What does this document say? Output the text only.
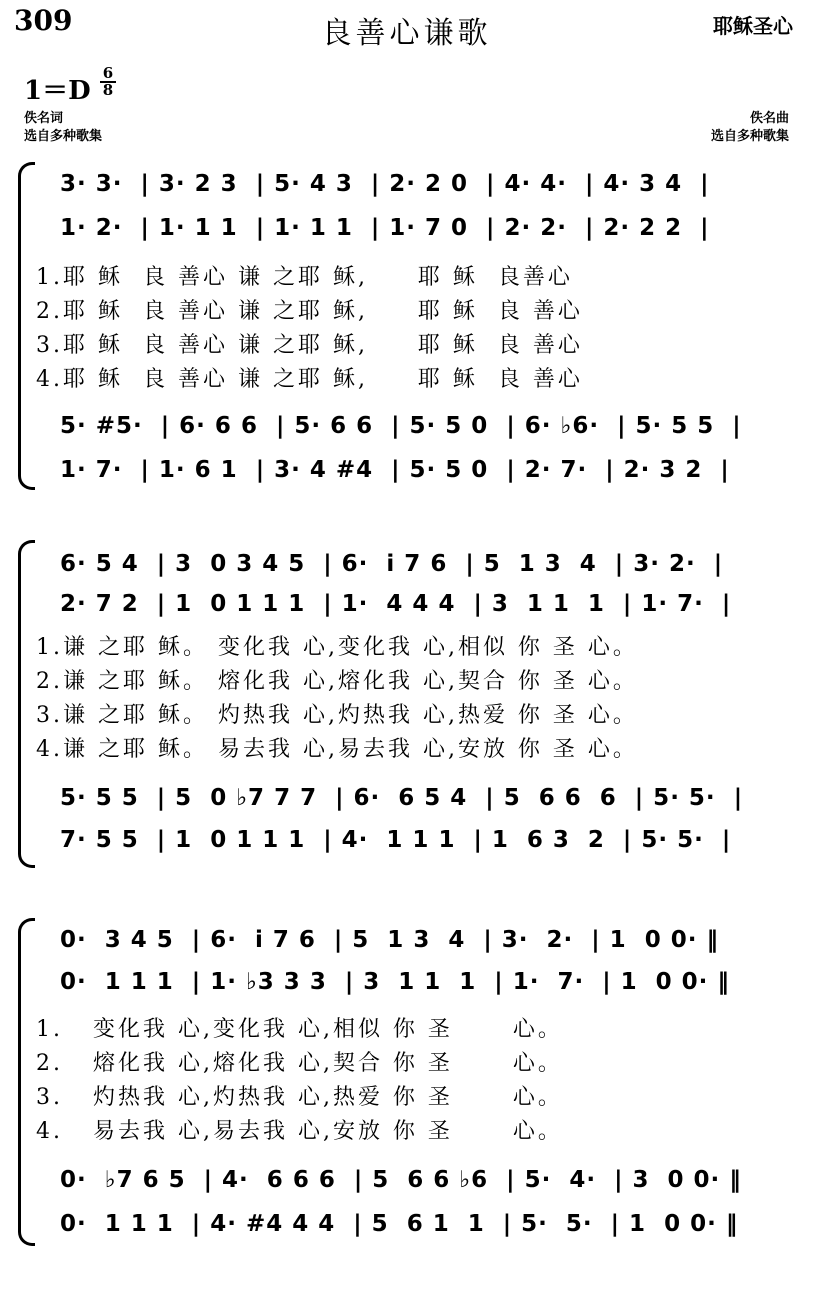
309	良善心谦歌	耶稣圣心
$1=D \frac{6}{8}$
佚名词
选自多种歌集
佚名曲
选自多种歌集
3· 3·  | 3· 2 3  | 5· 4 3  | 2· 2 0  | 4· 4·  | 4· 3 4  |
1· 2·  | 1· 1 1  | 1· 1 1  | 1· 7 0  | 2· 2·  | 2· 2 2  |
1.耶 稣  良 善心 谦 之耶 稣,     耶 稣  良善心
2.耶 稣  良 善心 谦 之耶 稣,     耶 稣  良 善心
3.耶 稣  良 善心 谦 之耶 稣,     耶 稣  良 善心
4.耶 稣  良 善心 谦 之耶 稣,     耶 稣  良 善心
5· #5·  | 6· 6 6  | 5· 6 6  | 5· 5 0  | 6· ♭6·  | 5· 5 5  |
1· 7·  | 1· 6 1  | 3· 4 #4  | 5· 5 0  | 2· 7·  | 2· 3 2  |
6· 5 4  | 3  0 3 4 5  | 6·  i 7 6  | 5  1 3  4  | 3· 2·  |
2· 7 2  | 1  0 1 1 1  | 1·  4 4 4  | 3  1 1  1  | 1· 7·  |
1.谦 之耶 稣。 变化我 心,变化我 心,相似 你 圣 心。
2.谦 之耶 稣。 熔化我 心,熔化我 心,契合 你 圣 心。
3.谦 之耶 稣。 灼热我 心,灼热我 心,热爱 你 圣 心。
4.谦 之耶 稣。 易去我 心,易去我 心,安放 你 圣 心。
5· 5 5  | 5  0 ♭7 7 7  | 6·  6 5 4  | 5  6 6  6  | 5· 5·  |
7· 5 5  | 1  0 1 1 1  | 4·  1 1 1  | 1  6 3  2  | 5· 5·  |
0·  3 4 5  | 6·  i 7 6  | 5  1 3  4  | 3·  2·  | 1  0 0· ‖
0·  1 1 1  | 1· ♭3 3 3  | 3  1 1  1  | 1·  7·  | 1  0 0· ‖
1.   变化我 心,变化我 心,相似 你 圣      心。
2.   熔化我 心,熔化我 心,契合 你 圣      心。
3.   灼热我 心,灼热我 心,热爱 你 圣      心。
4.   易去我 心,易去我 心,安放 你 圣      心。
0·  ♭7 6 5  | 4·  6 6 6  | 5  6 6 ♭6  | 5·  4·  | 3  0 0· ‖
0·  1 1 1  | 4· #4 4 4  | 5  6 1  1  | 5·  5·  | 1  0 0· ‖
